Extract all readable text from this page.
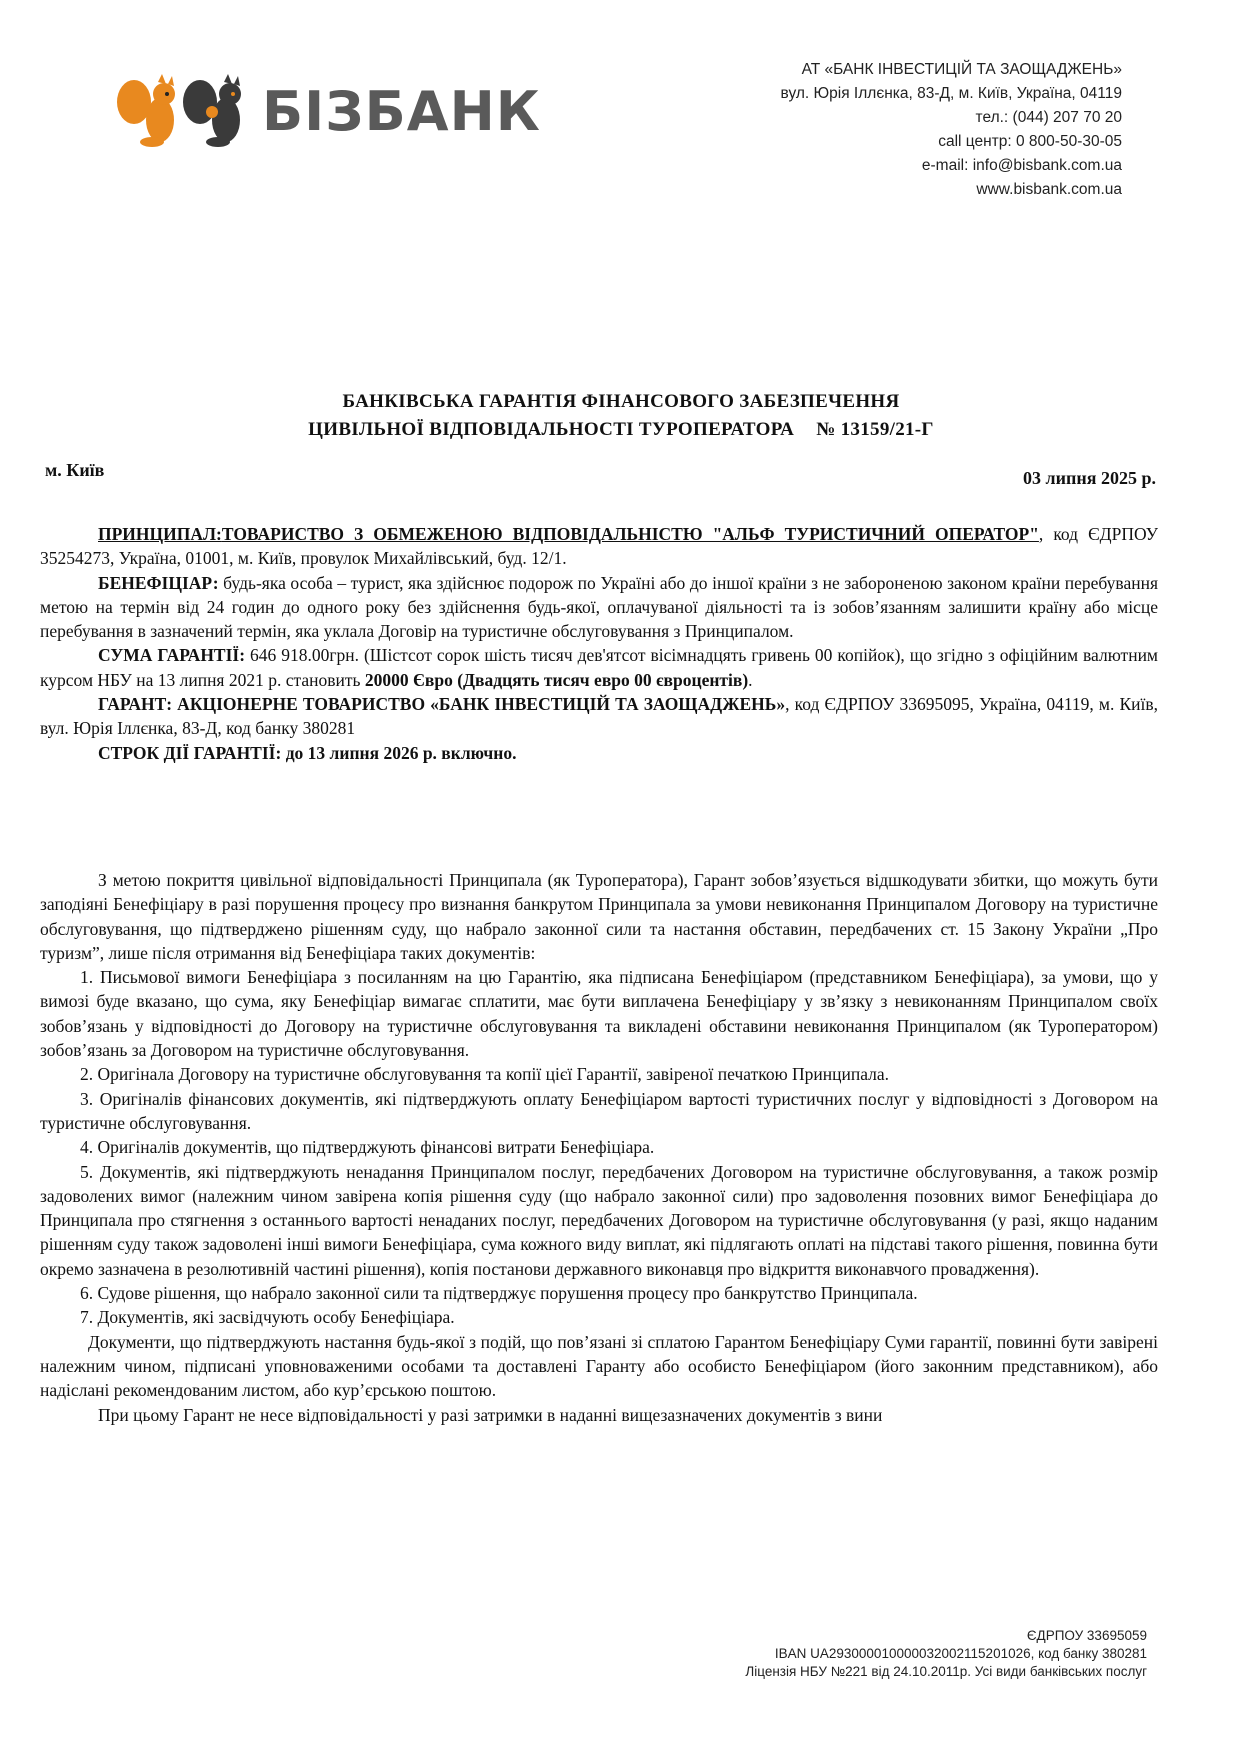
БІЗБАНК
АТ «БАНК ІНВЕСТИЦІЙ ТА ЗАОЩАДЖЕНЬ»
вул. Юрія Іллєнка, 83-Д, м. Київ, Україна, 04119
тел.: (044) 207 70 20
call центр: 0 800-50-30-05
e-mail: info@bisbank.com.ua
www.bisbank.com.ua
БАНКІВСЬКА ГАРАНТІЯ ФІНАНСОВОГО ЗАБЕЗПЕЧЕННЯ
ЦИВІЛЬНОЇ ВІДПОВІДАЛЬНОСТІ ТУРОПЕРАТОРА № 13159/21-Г
м. Київ	03 липня 2025 р.

ПРИНЦИПАЛ:ТОВАРИСТВО З ОБМЕЖЕНОЮ ВІДПОВІДАЛЬНІСТЮ "АЛЬФ ТУРИСТИЧНИЙ ОПЕРАТОР", код ЄДРПОУ 35254273, Україна, 01001, м. Київ, провулок Михайлівський, буд. 12/1.

БЕНЕФІЦІАР: будь-яка особа – турист, яка здійснює подорож по Україні або до іншої країни з не забороненою законом країни перебування метою на термін від 24 годин до одного року без здійснення будь-якої, оплачуваної діяльності та із зобов’язанням залишити країну або місце перебування в зазначений термін, яка уклала Договір на туристичне обслуговування з Принципалом.

СУМА ГАРАНТІЇ: 646 918.00грн. (Шістсот сорок шість тисяч дев'ятсот вісімнадцять гривень 00 копійок), що згідно з офіційним валютним курсом НБУ на 13 липня 2021 р. становить 20000 Євро (Двадцять тисяч евро 00 євроцентів).

ГАРАНТ: АКЦІОНЕРНЕ ТОВАРИСТВО «БАНК ІНВЕСТИЦІЙ ТА ЗАОЩАДЖЕНЬ», код ЄДРПОУ 33695095, Україна, 04119, м. Київ, вул. Юрія Іллєнка, 83-Д, код банку 380281

СТРОК ДІЇ ГАРАНТІЇ: до 13 липня 2026 р. включно.

З метою покриття цивільної відповідальності Принципала (як Туроператора), Гарант зобов’язується відшкодувати збитки, що можуть бути заподіяні Бенефіціару в разі порушення процесу про визнання банкрутом Принципала за умови невиконання Принципалом Договору на туристичне обслуговування, що підтверджено рішенням суду, що набрало законної сили та настання обставин, передбачених ст. 15 Закону України „Про туризм”, лише після отримання від Бенефіціара таких документів:

1. Письмової вимоги Бенефіціара з посиланням на цю Гарантію, яка підписана Бенефіціаром (представником Бенефіціара), за умови, що у вимозі буде вказано, що сума, яку Бенефіціар вимагає сплатити, має бути виплачена Бенефіціару у зв’язку з невиконанням Принципалом своїх зобов’язань у відповідності до Договору на туристичне обслуговування та викладені обставини невиконання Принципалом (як Туроператором) зобов’язань за Договором на туристичне обслуговування.

2. Оригінала Договору на туристичне обслуговування та копії цієї Гарантії, завіреної печаткою Принципала.

3. Оригіналів фінансових документів, які підтверджують оплату Бенефіціаром вартості туристичних послуг у відповідності з Договором на туристичне обслуговування.

4. Оригіналів документів, що підтверджують фінансові витрати Бенефіціара.

5. Документів, які підтверджують ненадання Принципалом послуг, передбачених Договором на туристичне обслуговування, а також розмір задоволених вимог (належним чином завірена копія рішення суду (що набрало законної сили) про задоволення позовних вимог Бенефіціара до Принципала про стягнення з останнього вартості ненаданих послуг, передбачених Договором на туристичне обслуговування (у разі, якщо наданим рішенням суду також задоволені інші вимоги Бенефіціара, сума кожного виду виплат, які підлягають оплаті на підставі такого рішення, повинна бути окремо зазначена в резолютивній частині рішення), копія постанови державного виконавця про відкриття виконавчого провадження).

6. Судове рішення, що набрало законної сили та підтверджує порушення процесу про банкрутство Принципала.

7. Документів, які засвідчують особу Бенефіціара.

Документи, що підтверджують настання будь-якої з подій, що пов’язані зі сплатою Гарантом Бенефіціару Суми гарантії, повинні бути завірені належним чином, підписані уповноваженими особами та доставлені Гаранту або особисто Бенефіціаром (його законним представником), або надіслані рекомендованим листом, або кур’єрською поштою.

При цьому Гарант не несе відповідальності у разі затримки в наданні вищезазначених документів з вини

ЄДРПОУ 33695059
IBAN UA293000010000032002115201026, код банку 380281
Ліцензія НБУ №221 від 24.10.2011р. Усі види банківських послуг
